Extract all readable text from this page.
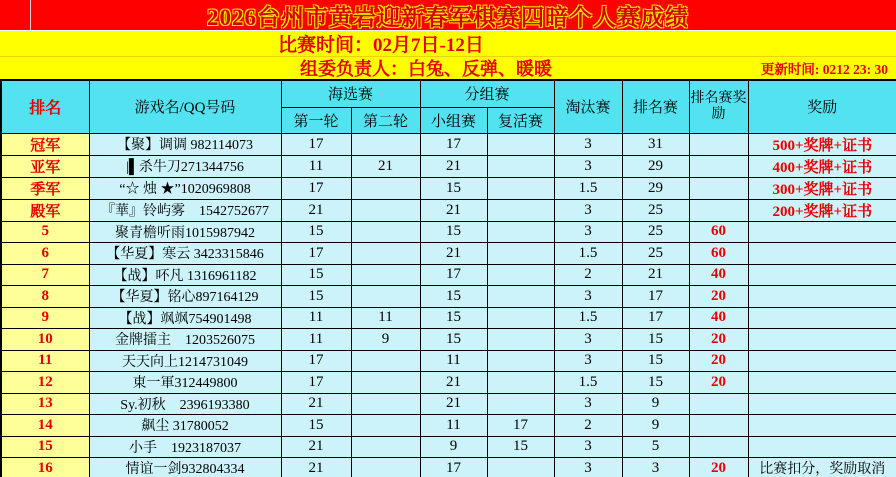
2026台州市黄岩迎新春军棋赛四暗个人赛成绩
比赛时间：02月7日-12日
组委负责人：白兔、反弹、暖暖	更新时间: 0212 23: 30
排名	游戏名/QQ号码	海选赛		分组赛		淘汰赛	排名赛	排名赛奖励	奖励
		第一轮	第二轮	小组赛	复活赛				
冠军	【聚】调调 982114073	17		17		3	31		500+奖牌+证书
亚军	|▌杀牛刀271344756	11	21	21		3	29		400+奖牌+证书
季军	“☆ 烛 ★”1020969808	17		15		1.5	29		300+奖牌+证书
殿军	『華』铃屿雾　1542752677	21		21		3	25		200+奖牌+证书
5	聚青檐听雨1015987942	15		15		3	25	60	
6	【华夏】寒云 3423315846	17		21		1.5	25	60	
7	【战】吥凡 1316961182	15		17		2	21	40	
8	【华夏】铭心897164129	15		15		3	17	20	
9	【战】飒飒754901498	11	11	15		1.5	17	40	
10	金牌擂主　1203526075	11	9	15		3	15	20	
11	天天向上1214731049	17		11		3	15	20	
12	東一軍312449800	17		21		1.5	15	20	
13	Sy.初秋　2396193380	21		21		3	9		
14	飙尘 31780052	15		11	17	2	9		
15	小手　1923187037	21		9	15	3	5		
16	情谊一剑932804334	21		17		3	3	20	比赛扣分，奖励取消
